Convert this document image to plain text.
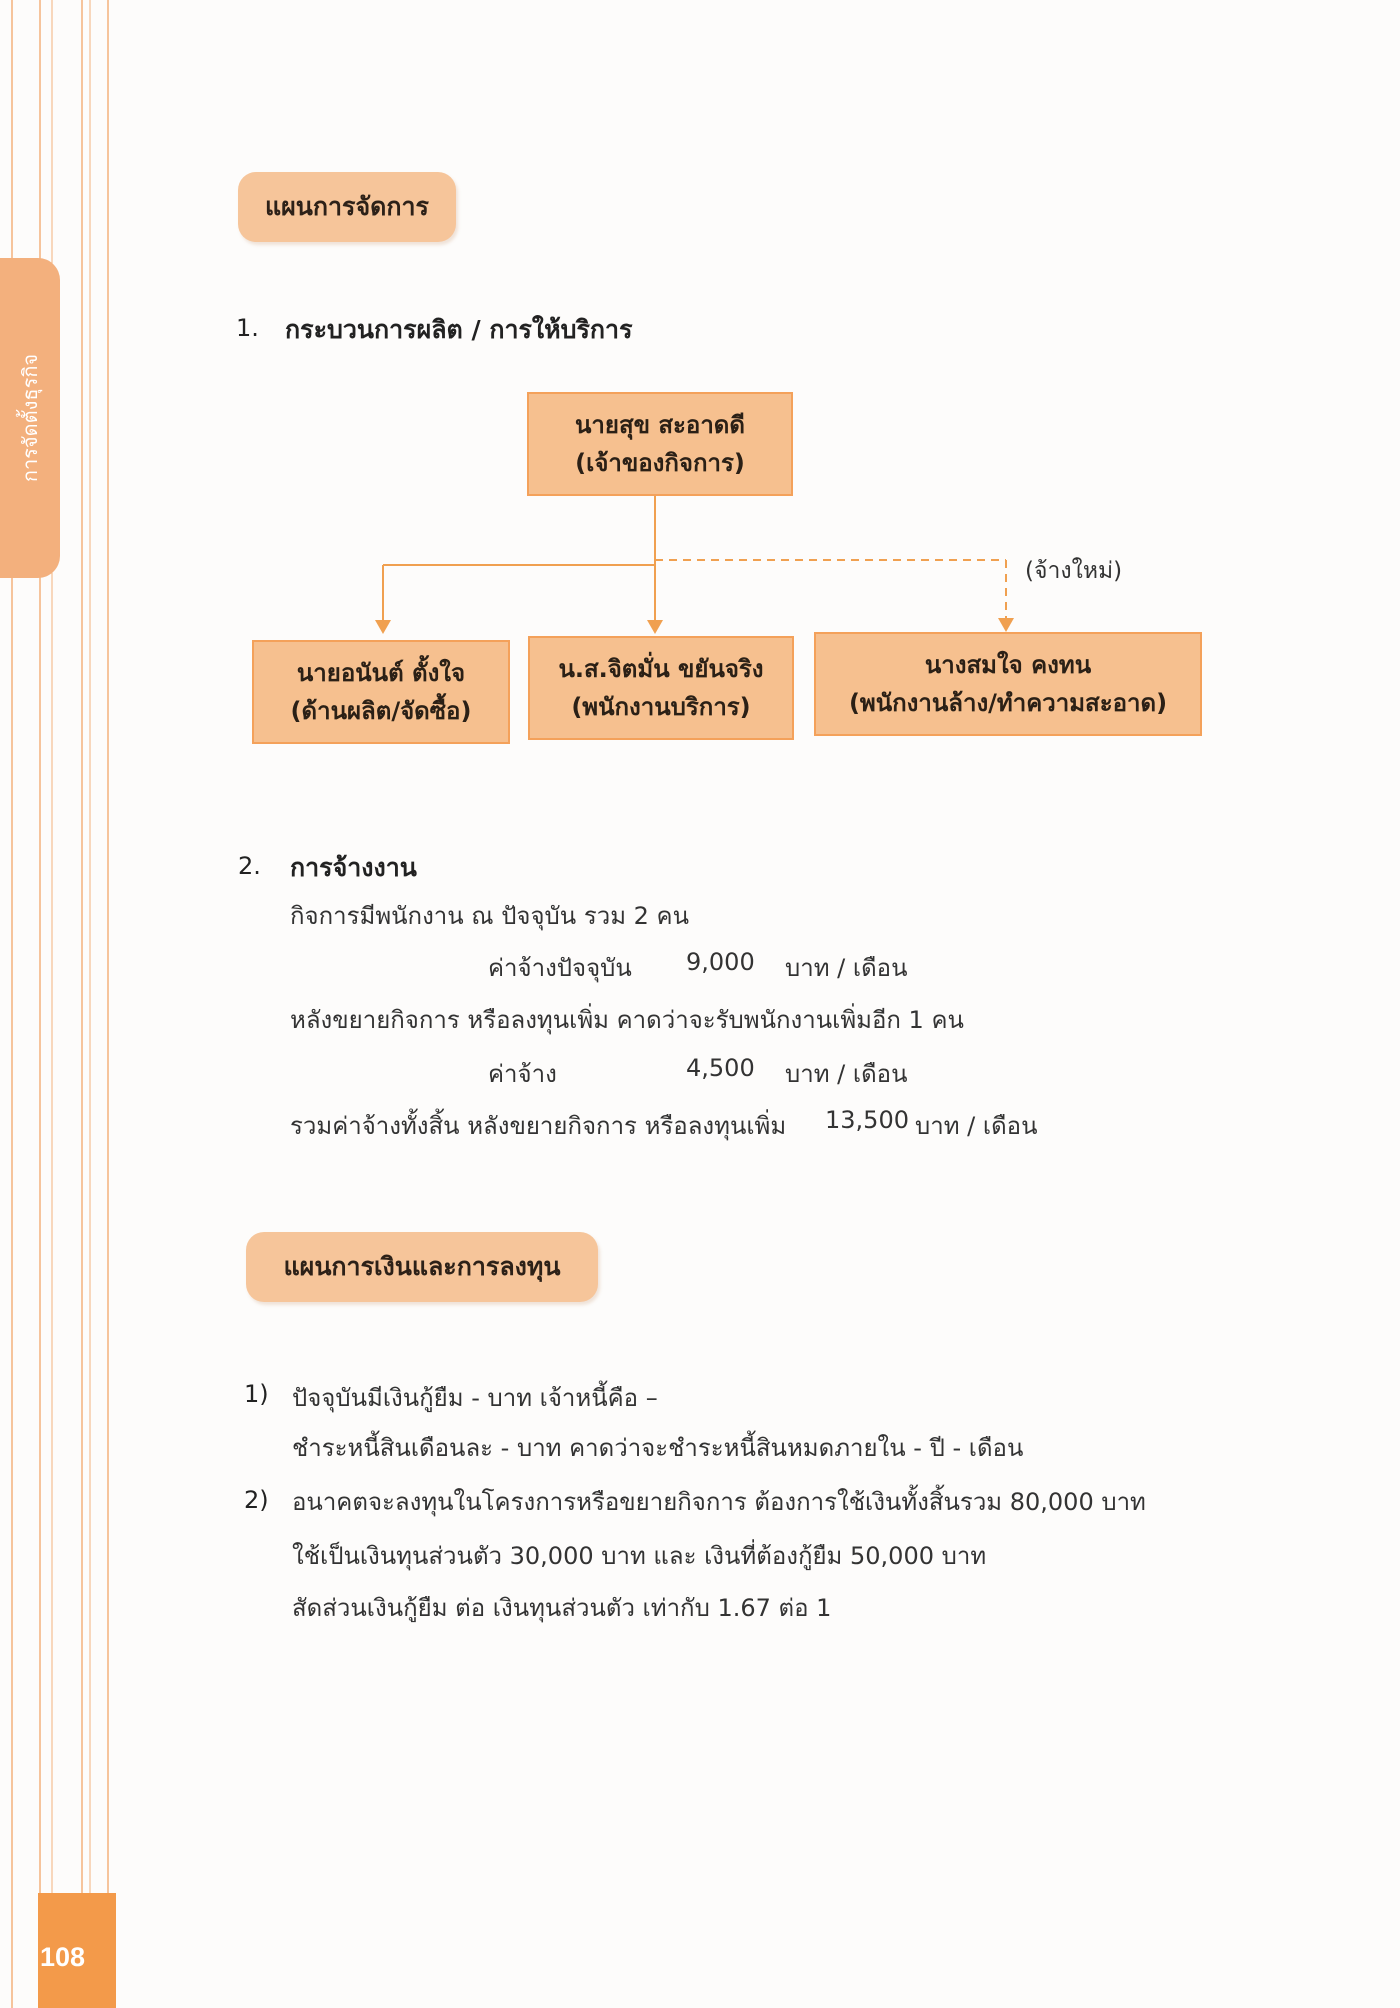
การจัดตั้งธุรกิจ
108
แผนการจัดการ
1. กระบวนการผลิต / การให้บริการ
นายสุข สะอาดดี
(เจ้าของกิจการ)
(จ้างใหม่)
นายอนันต์ ตั้งใจ
(ด้านผลิต/จัดซื้อ)
น.ส.จิตมั่น ขยันจริง
(พนักงานบริการ)
นางสมใจ คงทน
(พนักงานล้าง/ทำความสะอาด)
2. การจ้างงาน
กิจการมีพนักงาน ณ ปัจจุบัน รวม 2 คน
ค่าจ้างปัจจุบัน 9,000 บาท / เดือน
หลังขยายกิจการ หรือลงทุนเพิ่ม คาดว่าจะรับพนักงานเพิ่มอีก 1 คน
ค่าจ้าง	4,500 บาท / เดือน
รวมค่าจ้างทั้งสิ้น หลังขยายกิจการ หรือลงทุนเพิ่ม 13,500 บาท / เดือน
แผนการเงินและการลงทุน
1) ปัจจุบันมีเงินกู้ยืม - บาท เจ้าหนี้คือ –
ชำระหนี้สินเดือนละ - บาท คาดว่าจะชำระหนี้สินหมดภายใน - ปี - เดือน
2) อนาคตจะลงทุนในโครงการหรือขยายกิจการ ต้องการใช้เงินทั้งสิ้นรวม 80,000 บาท
ใช้เป็นเงินทุนส่วนตัว 30,000 บาท และ เงินที่ต้องกู้ยืม 50,000 บาท
สัดส่วนเงินกู้ยืม ต่อ เงินทุนส่วนตัว เท่ากับ 1.67 ต่อ 1
